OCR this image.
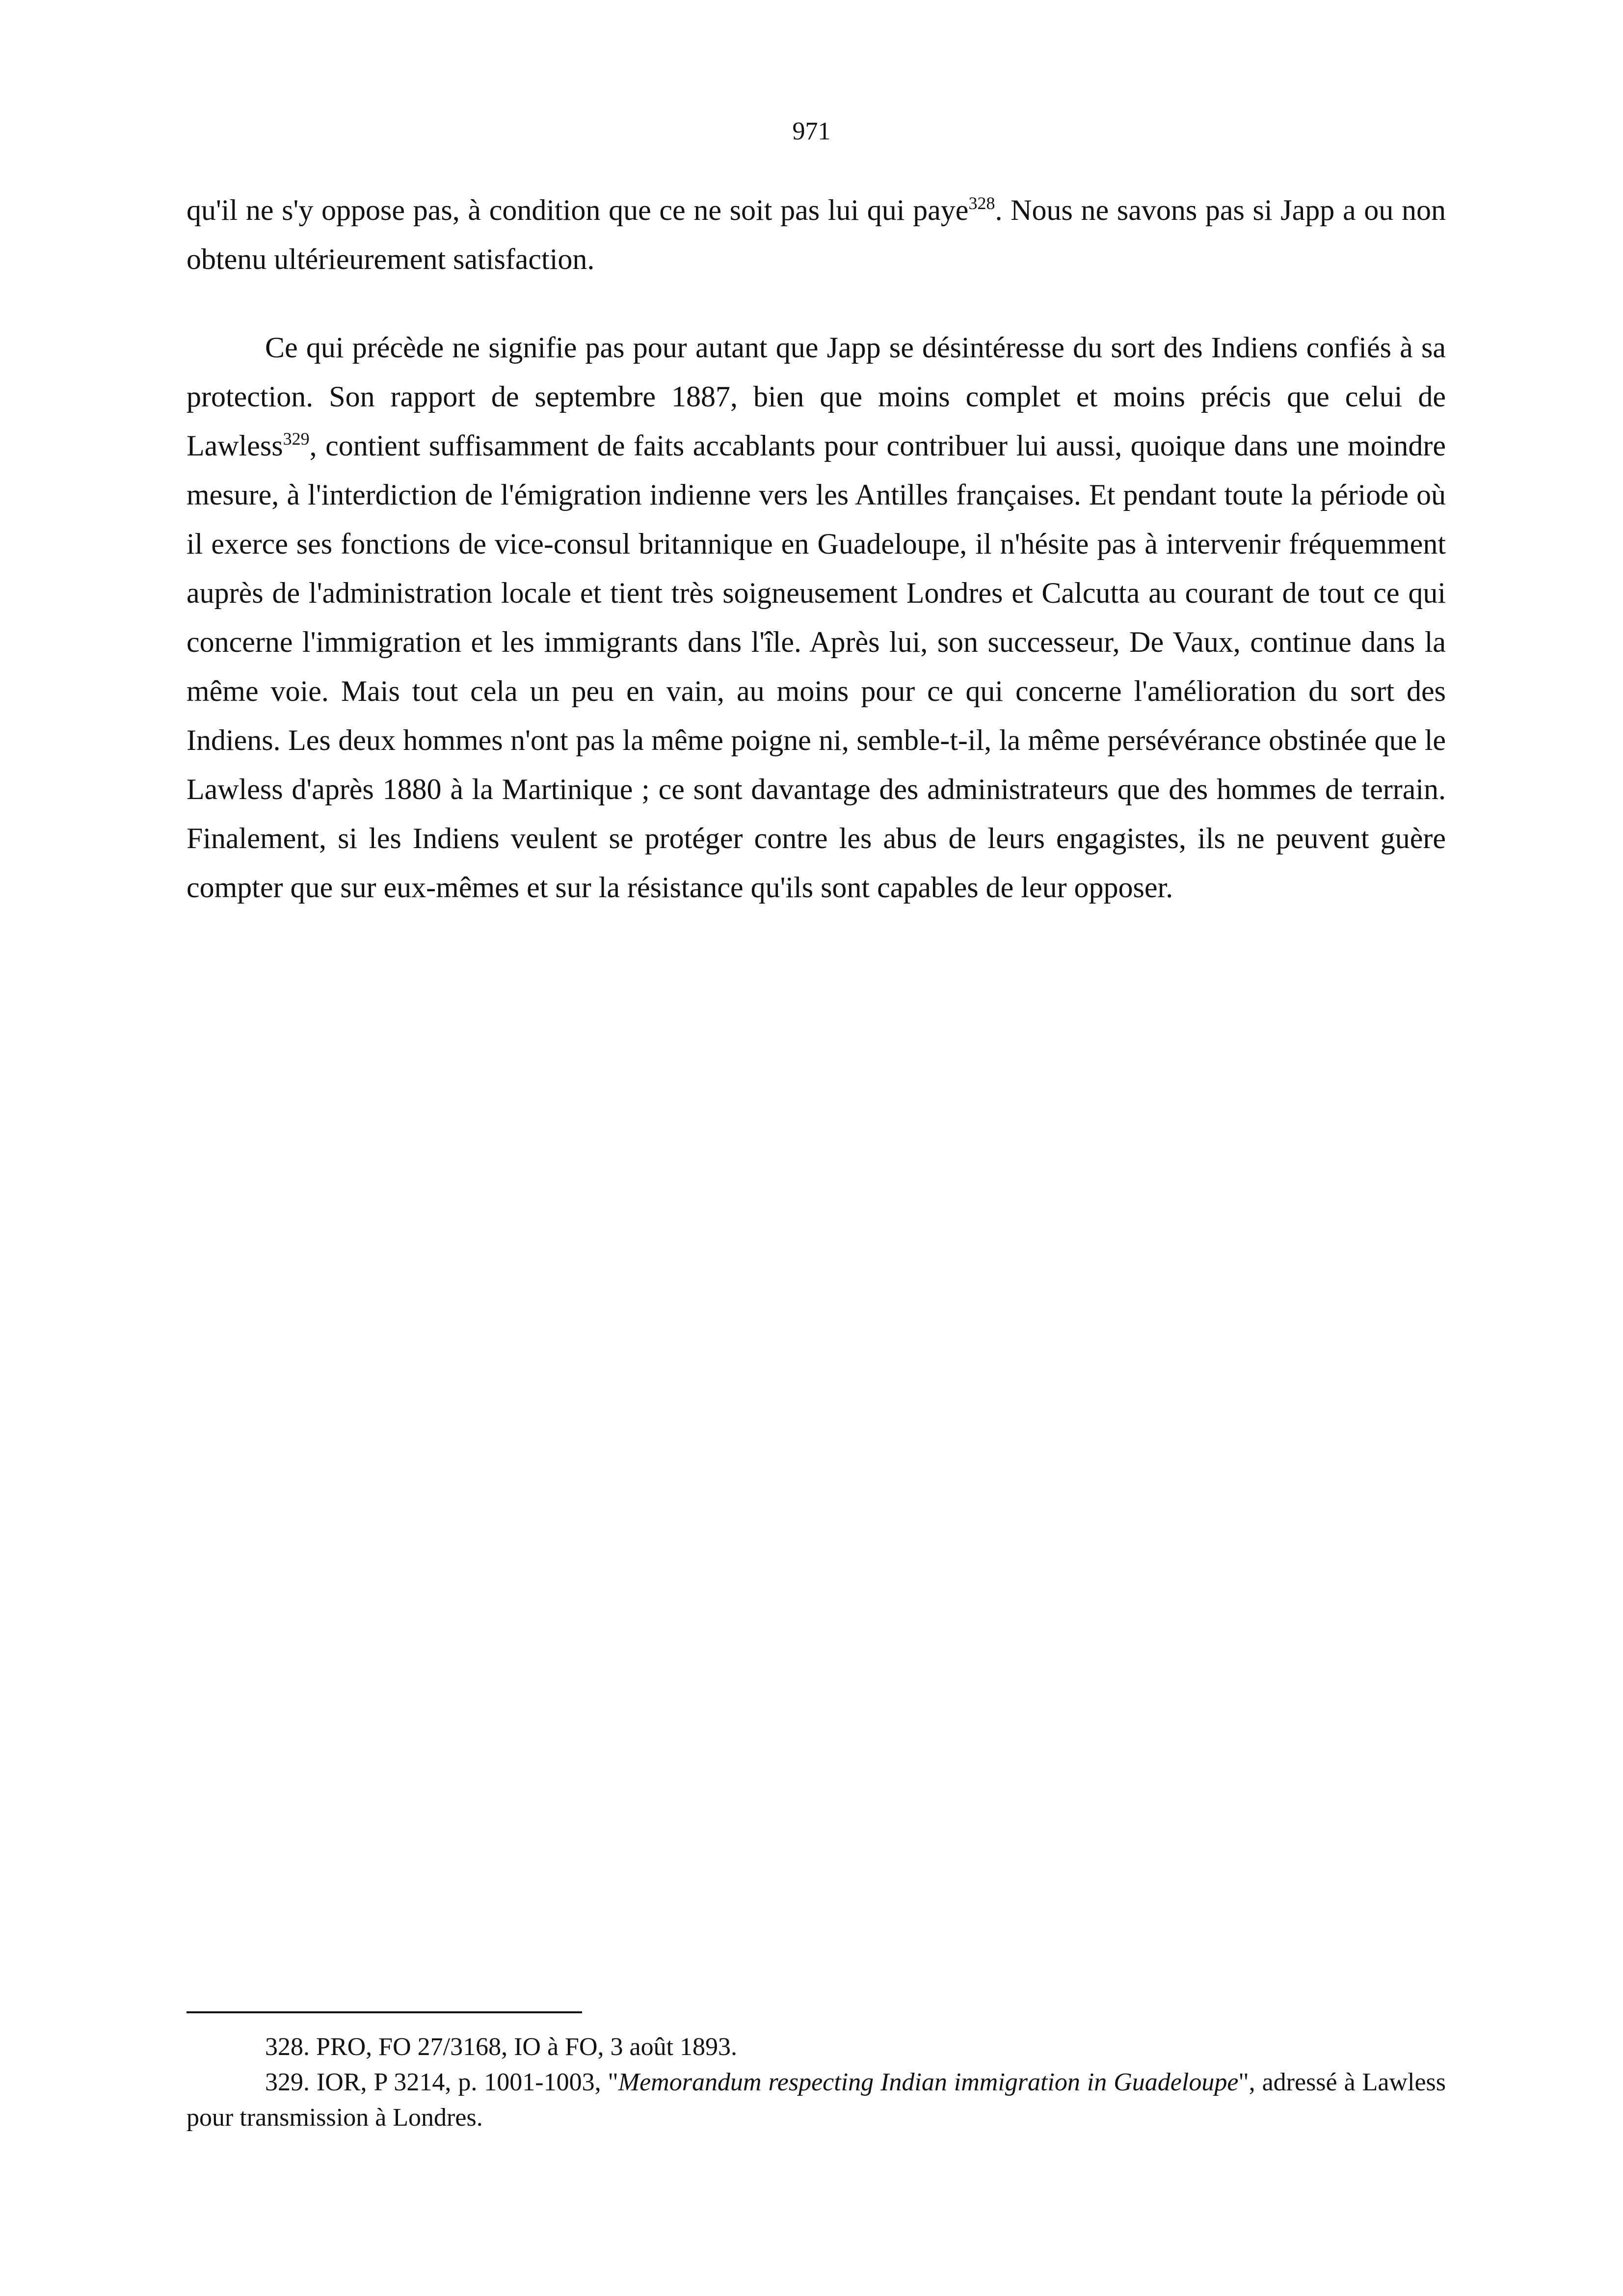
971

qu'il ne s'y oppose pas, à condition que ce ne soit pas lui qui paye$^{328}$. Nous ne savons pas si Japp a ou non obtenu ultérieurement satisfaction.

Ce qui précède ne signifie pas pour autant que Japp se désintéresse du sort des Indiens confiés à sa protection. Son rapport de septembre 1887, bien que moins complet et moins précis que celui de Lawless$^{329}$, contient suffisamment de faits accablants pour contribuer lui aussi, quoique dans une moindre mesure, à l'interdiction de l'émigration indienne vers les Antilles françaises. Et pendant toute la période où il exerce ses fonctions de vice-consul britannique en Guadeloupe, il n'hésite pas à intervenir fréquemment auprès de l'administration locale et tient très soigneusement Londres et Calcutta au courant de tout ce qui concerne l'immigration et les immigrants dans l'île. Après lui, son successeur, De Vaux, continue dans la même voie. Mais tout cela un peu en vain, au moins pour ce qui concerne l'amélioration du sort des Indiens. Les deux hommes n'ont pas la même poigne ni, semble-t-il, la même persévérance obstinée que le Lawless d'après 1880 à la Martinique ; ce sont davantage des administrateurs que des hommes de terrain. Finalement, si les Indiens veulent se protéger contre les abus de leurs engagistes, ils ne peuvent guère compter que sur eux-mêmes et sur la résistance qu'ils sont capables de leur opposer.

328. PRO, FO 27/3168, IO à FO, 3 août 1893.

329. IOR, P 3214, p. 1001-1003, "Memorandum respecting Indian immigration in Guadeloupe", adressé à Lawless pour transmission à Londres.
